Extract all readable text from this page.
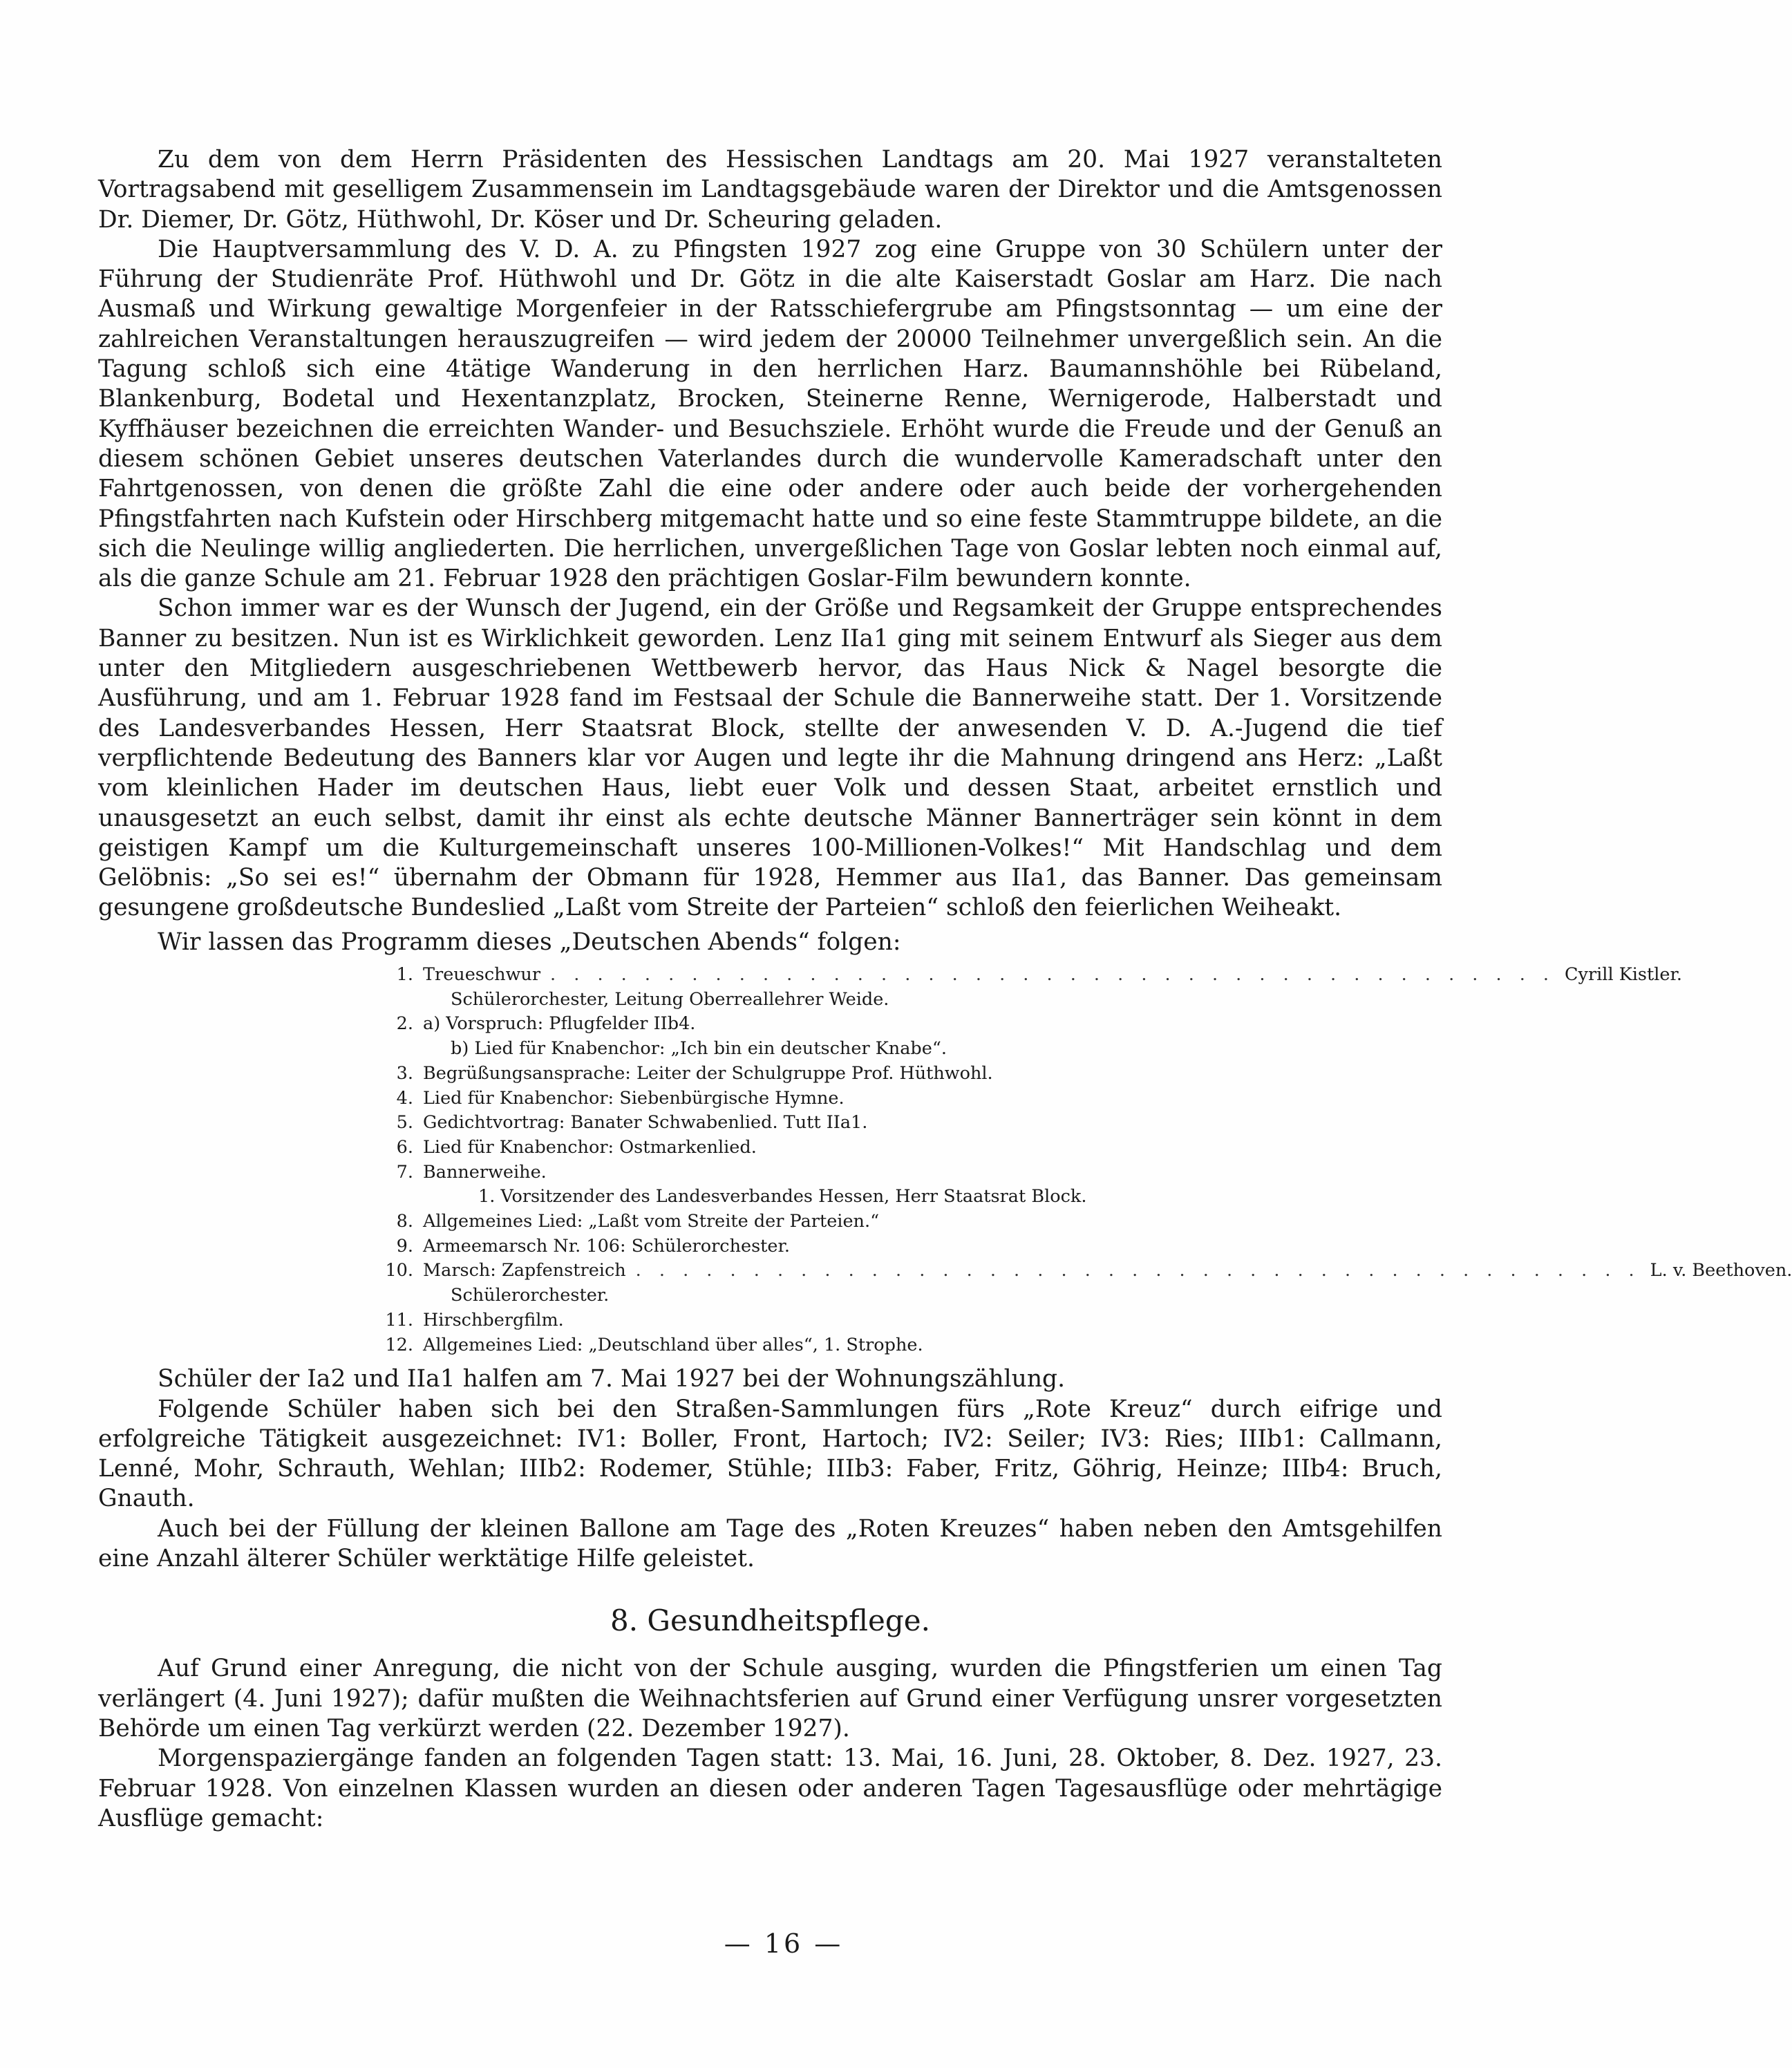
Zu dem von dem Herrn Präsidenten des Hessischen Landtags am 20. Mai 1927 veranstalteten Vortragsabend mit geselligem Zusammensein im Landtagsgebäude waren der Direktor und die Amtsgenossen Dr. Diemer, Dr. Götz, Hüthwohl, Dr. Köser und Dr. Scheuring geladen.

Die Hauptversammlung des V. D. A. zu Pfingsten 1927 zog eine Gruppe von 30 Schülern unter der Führung der Studienräte Prof. Hüthwohl und Dr. Götz in die alte Kaiserstadt Goslar am Harz. Die nach Ausmaß und Wirkung gewaltige Morgenfeier in der Ratsschiefergrube am Pfingstsonntag — um eine der zahlreichen Veranstaltungen herauszugreifen — wird jedem der 20000 Teilnehmer unvergeßlich sein. An die Tagung schloß sich eine 4tätige Wanderung in den herrlichen Harz. Baumannshöhle bei Rübeland, Blankenburg, Bodetal und Hexentanzplatz, Brocken, Steinerne Renne, Wernigerode, Halberstadt und Kyffhäuser bezeichnen die erreichten Wander- und Besuchsziele. Erhöht wurde die Freude und der Genuß an diesem schönen Gebiet unseres deutschen Vaterlandes durch die wundervolle Kameradschaft unter den Fahrtgenossen, von denen die größte Zahl die eine oder andere oder auch beide der vorhergehenden Pfingstfahrten nach Kufstein oder Hirschberg mitgemacht hatte und so eine feste Stammtruppe bildete, an die sich die Neulinge willig angliederten. Die herrlichen, unvergeßlichen Tage von Goslar lebten noch einmal auf, als die ganze Schule am 21. Februar 1928 den prächtigen Goslar-Film bewundern konnte.

Schon immer war es der Wunsch der Jugend, ein der Größe und Regsamkeit der Gruppe entsprechendes Banner zu besitzen. Nun ist es Wirklichkeit geworden. Lenz IIa1 ging mit seinem Entwurf als Sieger aus dem unter den Mitgliedern ausgeschriebenen Wettbewerb hervor, das Haus Nick & Nagel besorgte die Ausführung, und am 1. Februar 1928 fand im Festsaal der Schule die Bannerweihe statt. Der 1. Vorsitzende des Landesverbandes Hessen, Herr Staatsrat Block, stellte der anwesenden V. D. A.-Jugend die tief verpflichtende Bedeutung des Banners klar vor Augen und legte ihr die Mahnung dringend ans Herz: „Laßt vom kleinlichen Hader im deutschen Haus, liebt euer Volk und dessen Staat, arbeitet ernstlich und unausgesetzt an euch selbst, damit ihr einst als echte deutsche Männer Bannerträger sein könnt in dem geistigen Kampf um die Kulturgemeinschaft unseres 100-Millionen-Volkes!“ Mit Handschlag und dem Gelöbnis: „So sei es!“ übernahm der Obmann für 1928, Hemmer aus IIa1, das Banner. Das gemeinsam gesungene großdeutsche Bundeslied „Laßt vom Streite der Parteien“ schloß den feierlichen Weiheakt.

Wir lassen das Programm dieses „Deutschen Abends“ folgen:

1. Treueschwur . . .	Cyrill Kistler.
Schülerorchester, Leitung Oberreallehrer Weide.
2. a) Vorspruch: Pflugfelder IIb4.
b) Lied für Knabenchor: „Ich bin ein deutscher Knabe“.
3. Begrüßungsansprache: Leiter der Schulgruppe Prof. Hüthwohl.
4. Lied für Knabenchor: Siebenbürgische Hymne.
5. Gedichtvortrag: Banater Schwabenlied. Tutt IIa1.
6. Lied für Knabenchor: Ostmarkenlied.
7. Bannerweihe.
1. Vorsitzender des Landesverbandes Hessen, Herr Staatsrat Block.
8. Allgemeines Lied: „Laßt vom Streite der Parteien.“
9. Armeemarsch Nr. 106: Schülerorchester.
10. Marsch: Zapfenstreich . . .	L. v. Beethoven.
Schülerorchester.
11. Hirschbergfilm.
12. Allgemeines Lied: „Deutschland über alles“, 1. Strophe.

Schüler der Ia2 und IIa1 halfen am 7. Mai 1927 bei der Wohnungszählung.

Folgende Schüler haben sich bei den Straßen-Sammlungen fürs „Rote Kreuz“ durch eifrige und erfolgreiche Tätigkeit ausgezeichnet: IV1: Boller, Front, Hartoch; IV2: Seiler; IV3: Ries; IIIb1: Callmann, Lenné, Mohr, Schrauth, Wehlan; IIIb2: Rodemer, Stühle; IIIb3: Faber, Fritz, Göhrig, Heinze; IIIb4: Bruch, Gnauth.

Auch bei der Füllung der kleinen Ballone am Tage des „Roten Kreuzes“ haben neben den Amtsgehilfen eine Anzahl älterer Schüler werktätige Hilfe geleistet.

8. Gesundheitspflege.

Auf Grund einer Anregung, die nicht von der Schule ausging, wurden die Pfingstferien um einen Tag verlängert (4. Juni 1927); dafür mußten die Weihnachtsferien auf Grund einer Verfügung unsrer vorgesetzten Behörde um einen Tag verkürzt werden (22. Dezember 1927).

Morgenspaziergänge fanden an folgenden Tagen statt: 13. Mai, 16. Juni, 28. Oktober, 8. Dez. 1927, 23. Februar 1928. Von einzelnen Klassen wurden an diesen oder anderen Tagen Tagesausflüge oder mehrtägige Ausflüge gemacht:

— 16 —
